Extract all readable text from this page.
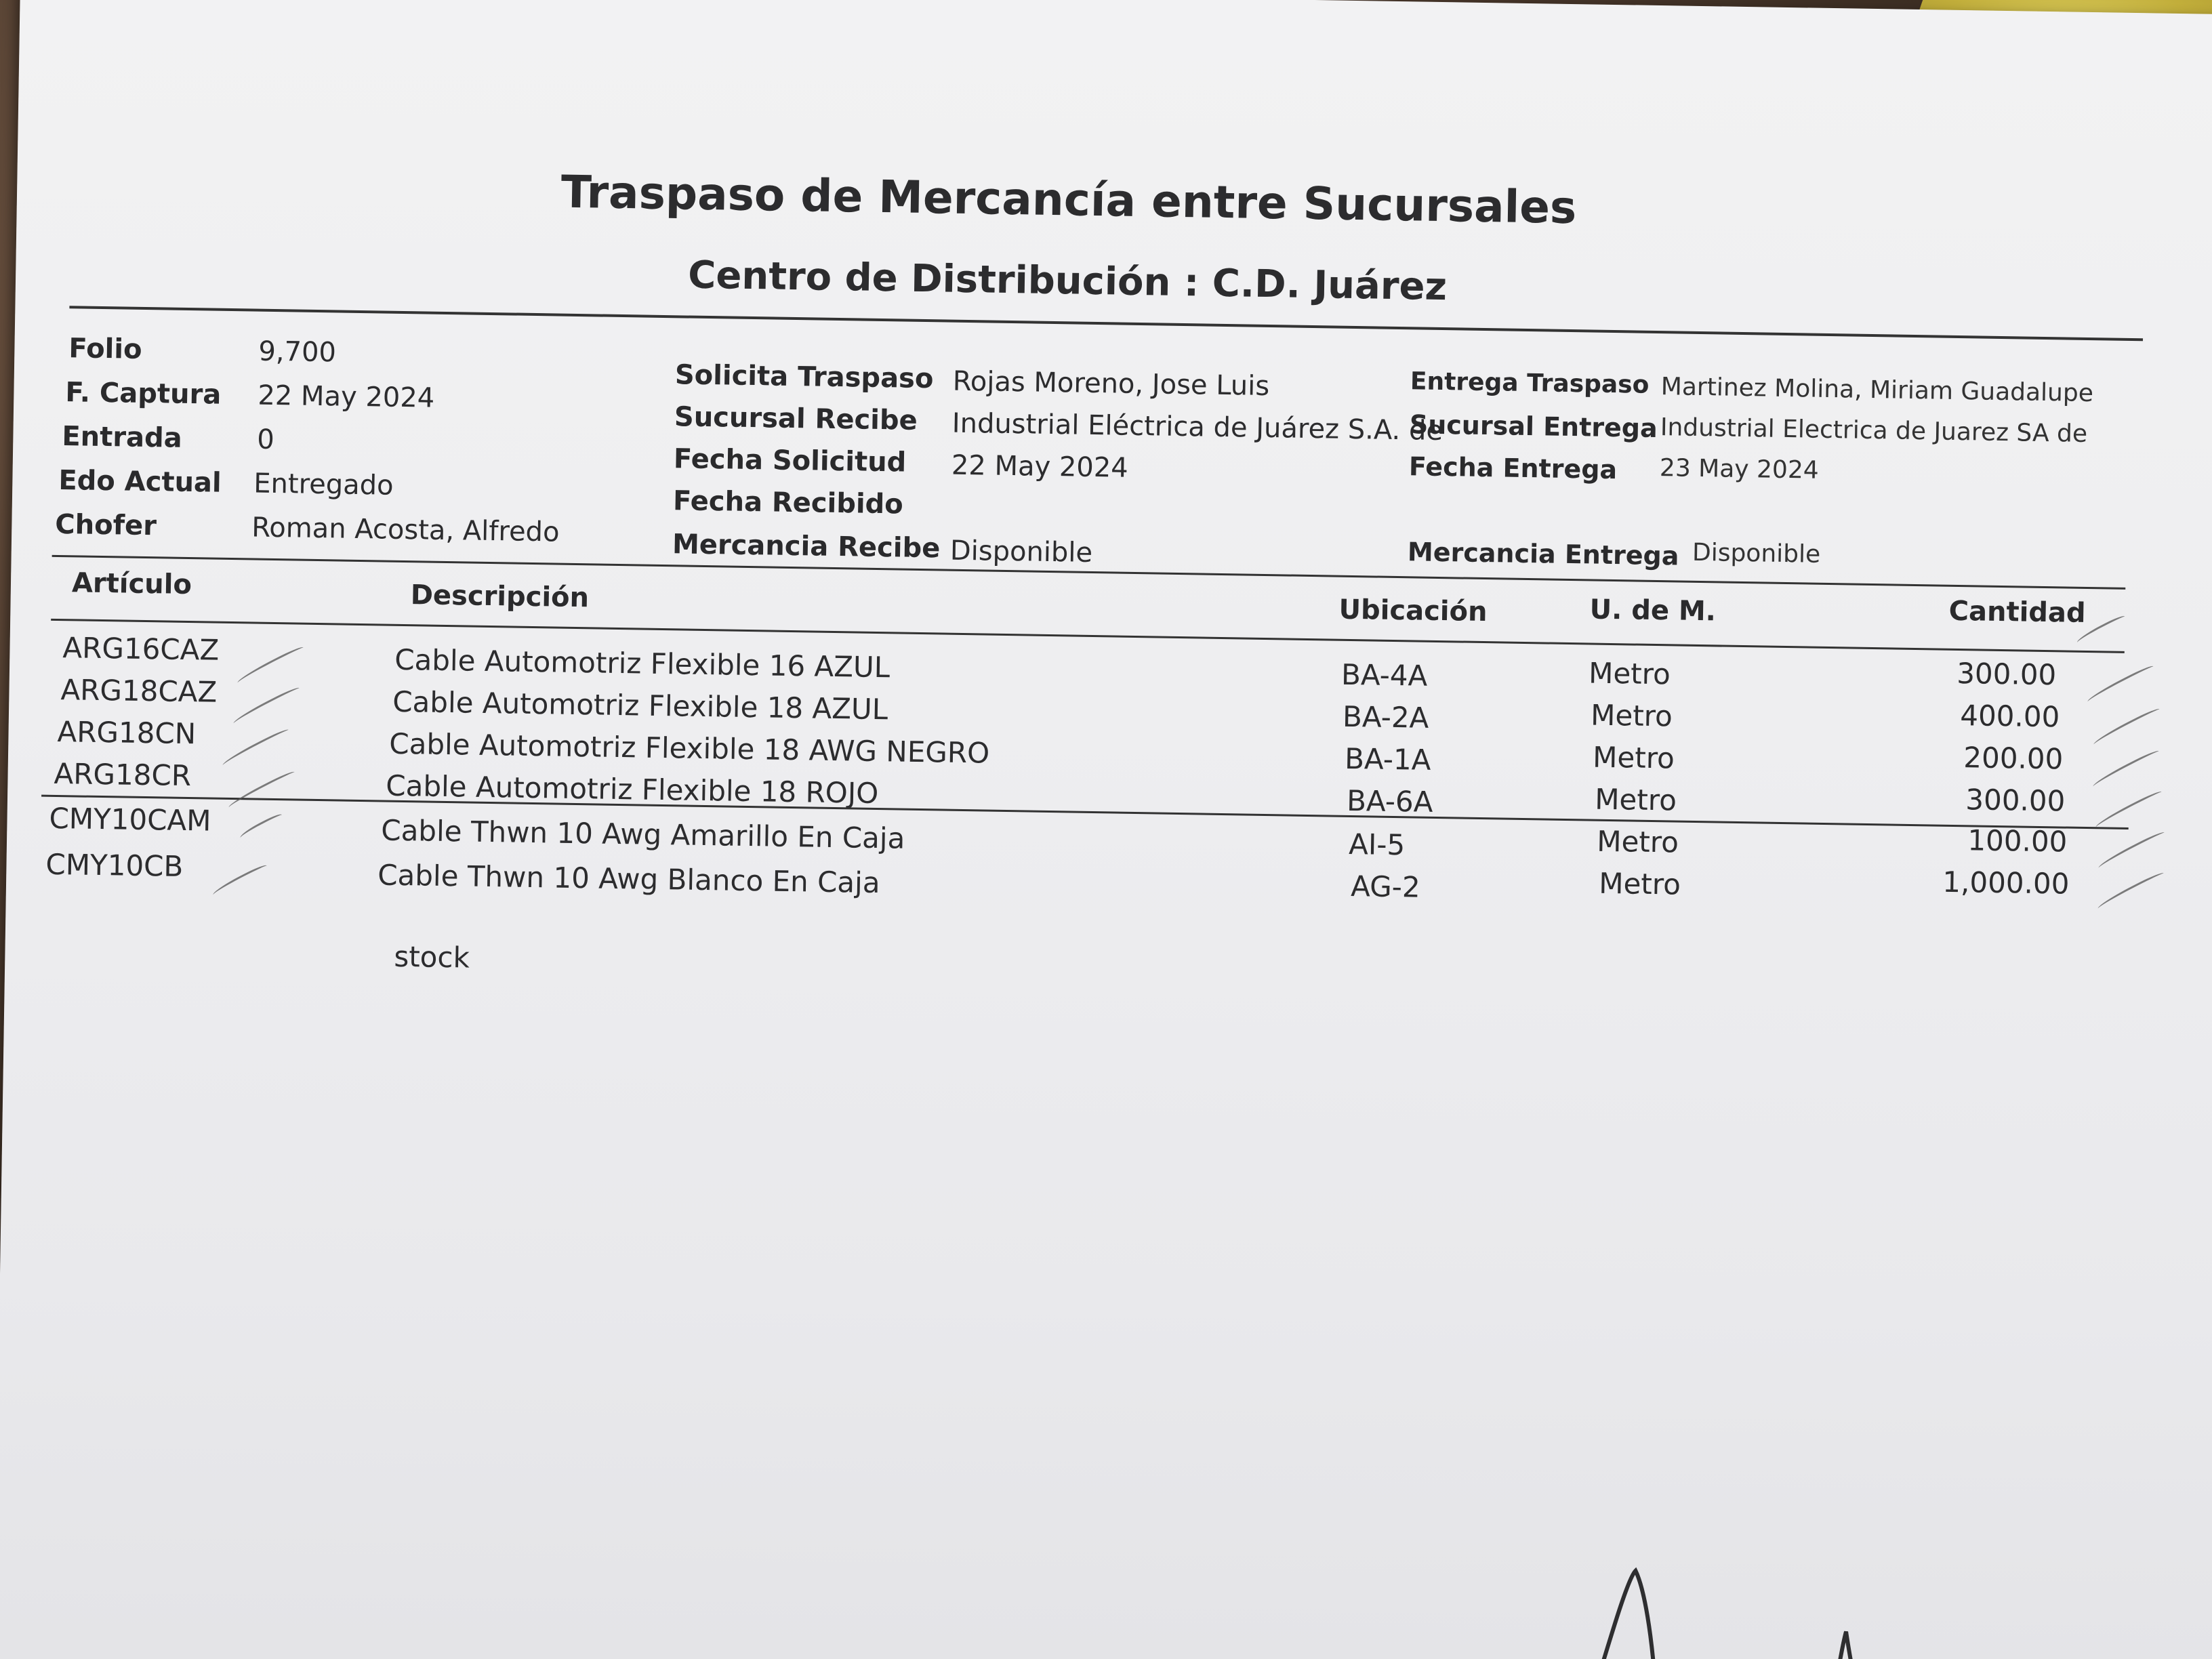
Traspaso de Mercancía entre Sucursales
Centro de Distribución : C.D. Juárez
Folio	9,700
F. Captura 22 May 2024
Entrada	0
Edo Actual Entregado
Chofer	Roman Acosta, Alfredo
Solicita Traspaso Rojas Moreno, Jose Luis
Sucursal Recibe Industrial Eléctrica de Juárez S.A. de
Fecha Solicitud 22 May 2024
Fecha Recibido
Mercancia Recibe Disponible
Entrega Traspaso Martinez Molina, Miriam Guadalupe
Sucursal Entrega Industrial Electrica de Juarez SA de
Fecha Entrega 23 May 2024
Mercancia Entrega Disponible
Artículo	Descripción	Ubicación	U. de M.	Cantidad
ARG16CAZ	Cable Automotriz Flexible 16 AZUL	BA-4A	Metro	300.00
ARG18CAZ	Cable Automotriz Flexible 18 AZUL	BA-2A	Metro	400.00
ARG18CN	Cable Automotriz Flexible 18 AWG NEGRO	BA-1A	Metro	200.00
ARG18CR	Cable Automotriz Flexible 18 ROJO	BA-6A	Metro	300.00
CMY10CAM	Cable Thwn 10 Awg Amarillo En Caja	AI-5	Metro	100.00
CMY10CB	Cable Thwn 10 Awg Blanco En Caja	AG-2	Metro	1,000.00
stock
